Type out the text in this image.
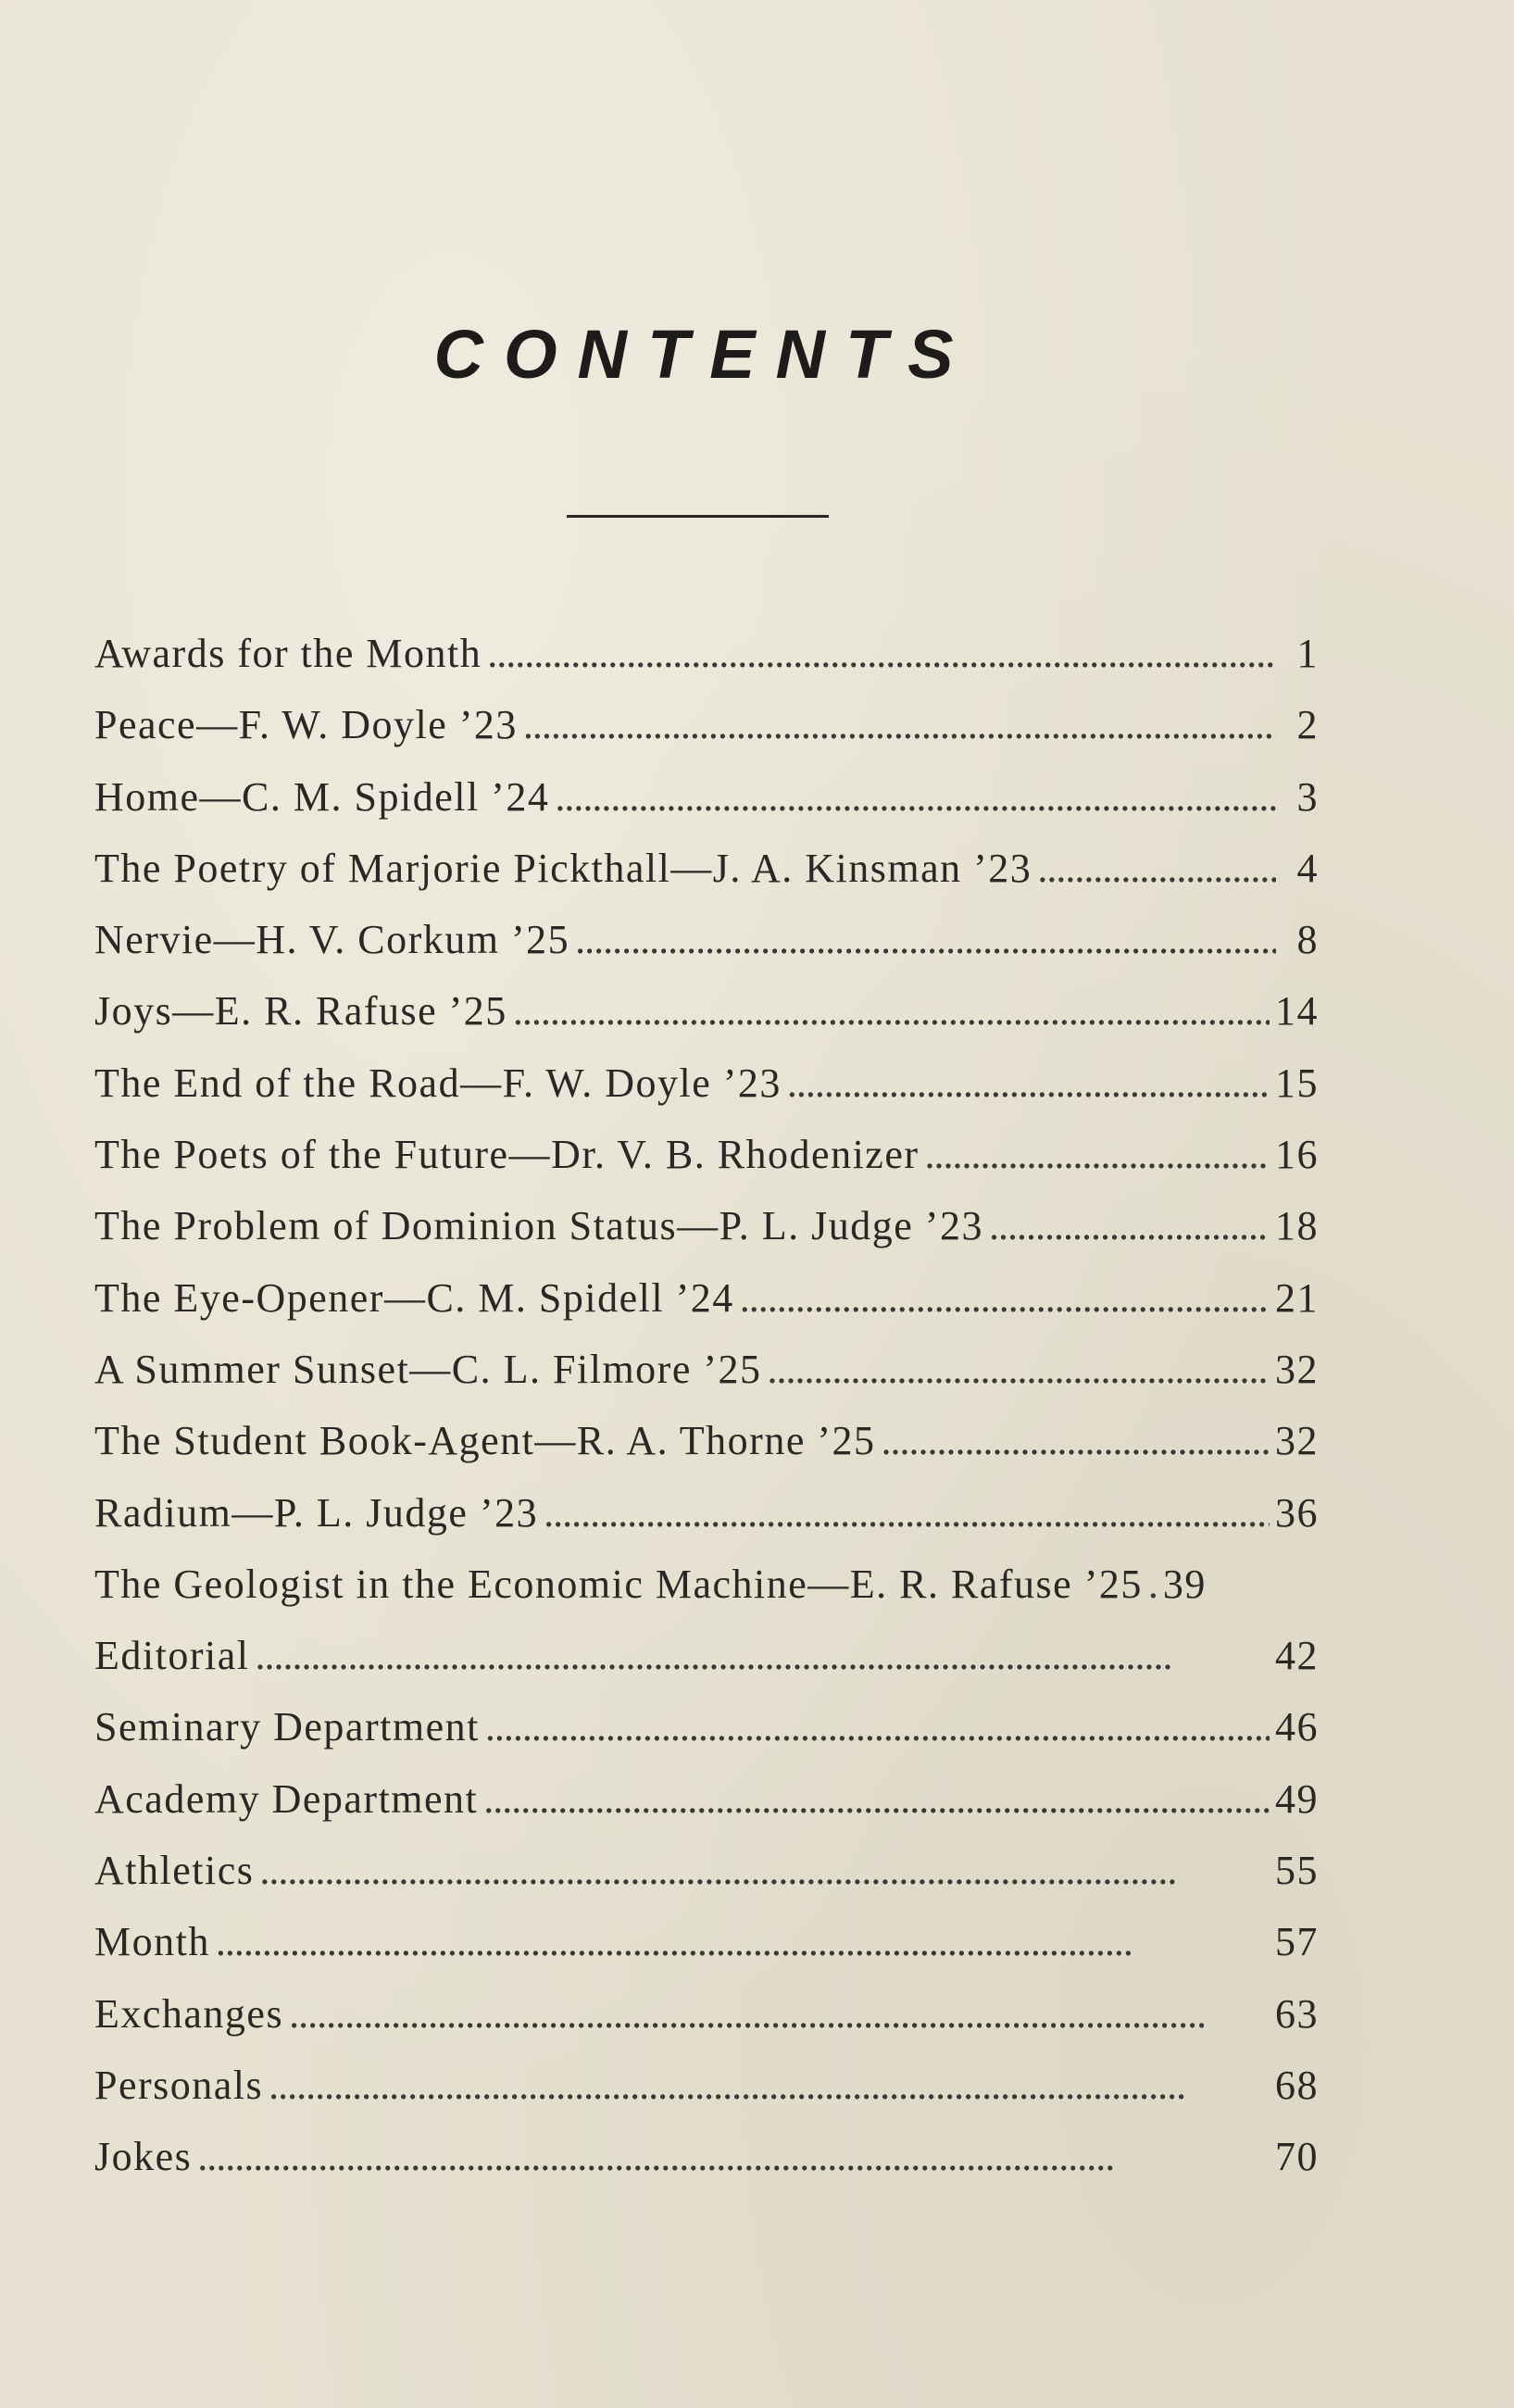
CONTENTS
Awards for the Month . . .	1
Peace—F. W. Doyle ’23 . . .	2
Home—C. M. Spidell ’24 . . .	3
The Poetry of Marjorie Pickthall—J. A. Kinsman ’23 . . .	4
Nervie—H. V. Corkum ’25 . . .	8
Joys—E. R. Rafuse ’25 . . .	14
The End of the Road—F. W. Doyle ’23 . . .	15
The Poets of the Future—Dr. V. B. Rhodenizer . . .	16
The Problem of Dominion Status—P. L. Judge ’23 . . .	18
The Eye-Opener—C. M. Spidell ’24 . . .	21
A Summer Sunset—C. L. Filmore ’25 . . .	32
The Student Book-Agent—R. A. Thorne ’25 . . .	32
Radium—P. L. Judge ’23 . . .	36
The Geologist in the Economic Machine—E. R. Rafuse ’25 . . . 39
Editorial . . .	42
Seminary Department . . .	46
Academy Department . . .	49
Athletics . . .	55
Month . . .	57
Exchanges . . .	63
Personals . . .	68
Jokes . . .	70
